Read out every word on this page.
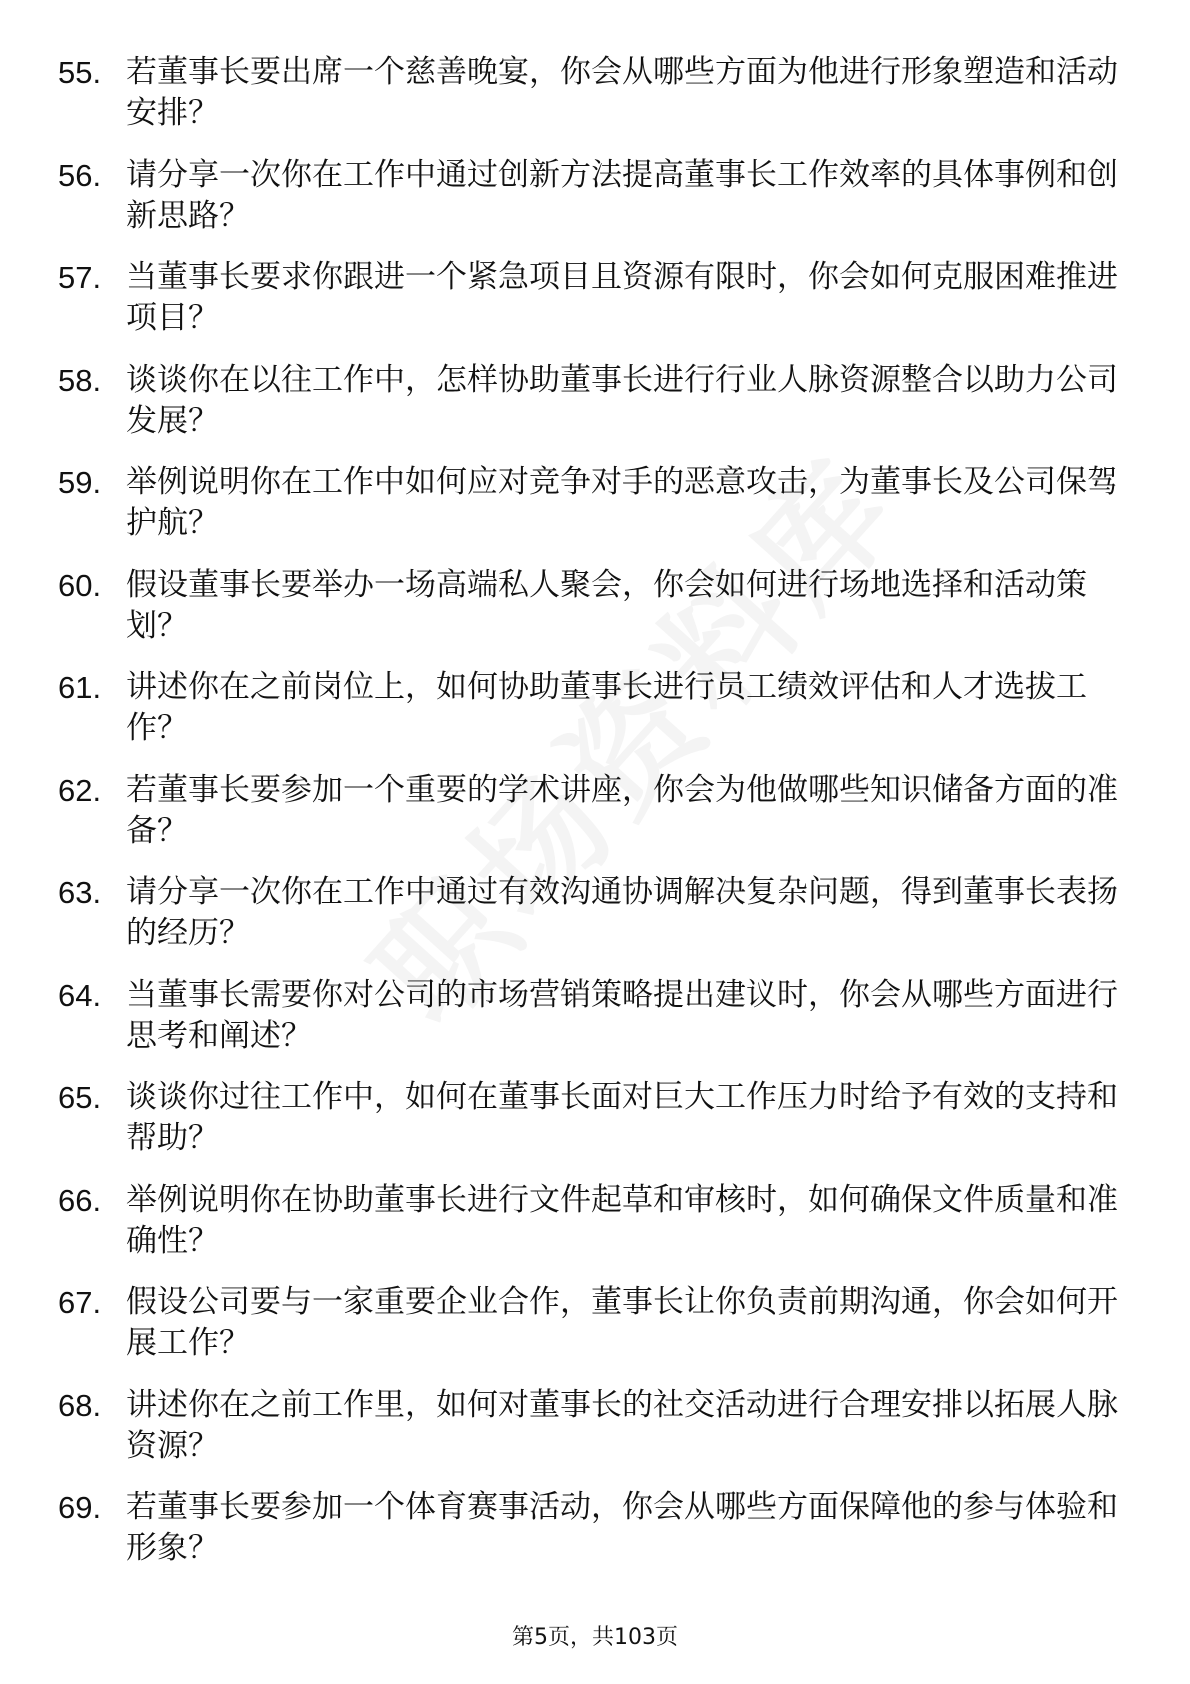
55. 若董事长要出席一个慈善晚宴，你会从哪些方面为他进行形象塑造和活动安排？
56. 请分享一次你在工作中通过创新方法提高董事长工作效率的具体事例和创新思路？
57. 当董事长要求你跟进一个紧急项目且资源有限时，你会如何克服困难推进项目？
58. 谈谈你在以往工作中，怎样协助董事长进行行业人脉资源整合以助力公司发展？
59. 举例说明你在工作中如何应对竞争对手的恶意攻击，为董事长及公司保驾护航？
60. 假设董事长要举办一场高端私人聚会，你会如何进行场地选择和活动策划？
61. 讲述你在之前岗位上，如何协助董事长进行员工绩效评估和人才选拔工作？
62. 若董事长要参加一个重要的学术讲座，你会为他做哪些知识储备方面的准备？
63. 请分享一次你在工作中通过有效沟通协调解决复杂问题，得到董事长表扬的经历？
64. 当董事长需要你对公司的市场营销策略提出建议时，你会从哪些方面进行思考和阐述？
65. 谈谈你过往工作中，如何在董事长面对巨大工作压力时给予有效的支持和帮助？
66. 举例说明你在协助董事长进行文件起草和审核时，如何确保文件质量和准确性？
67. 假设公司要与一家重要企业合作，董事长让你负责前期沟通，你会如何开展工作？
68. 讲述你在之前工作里，如何对董事长的社交活动进行合理安排以拓展人脉资源？
69. 若董事长要参加一个体育赛事活动，你会从哪些方面保障他的参与体验和形象？
第5页，共103页
